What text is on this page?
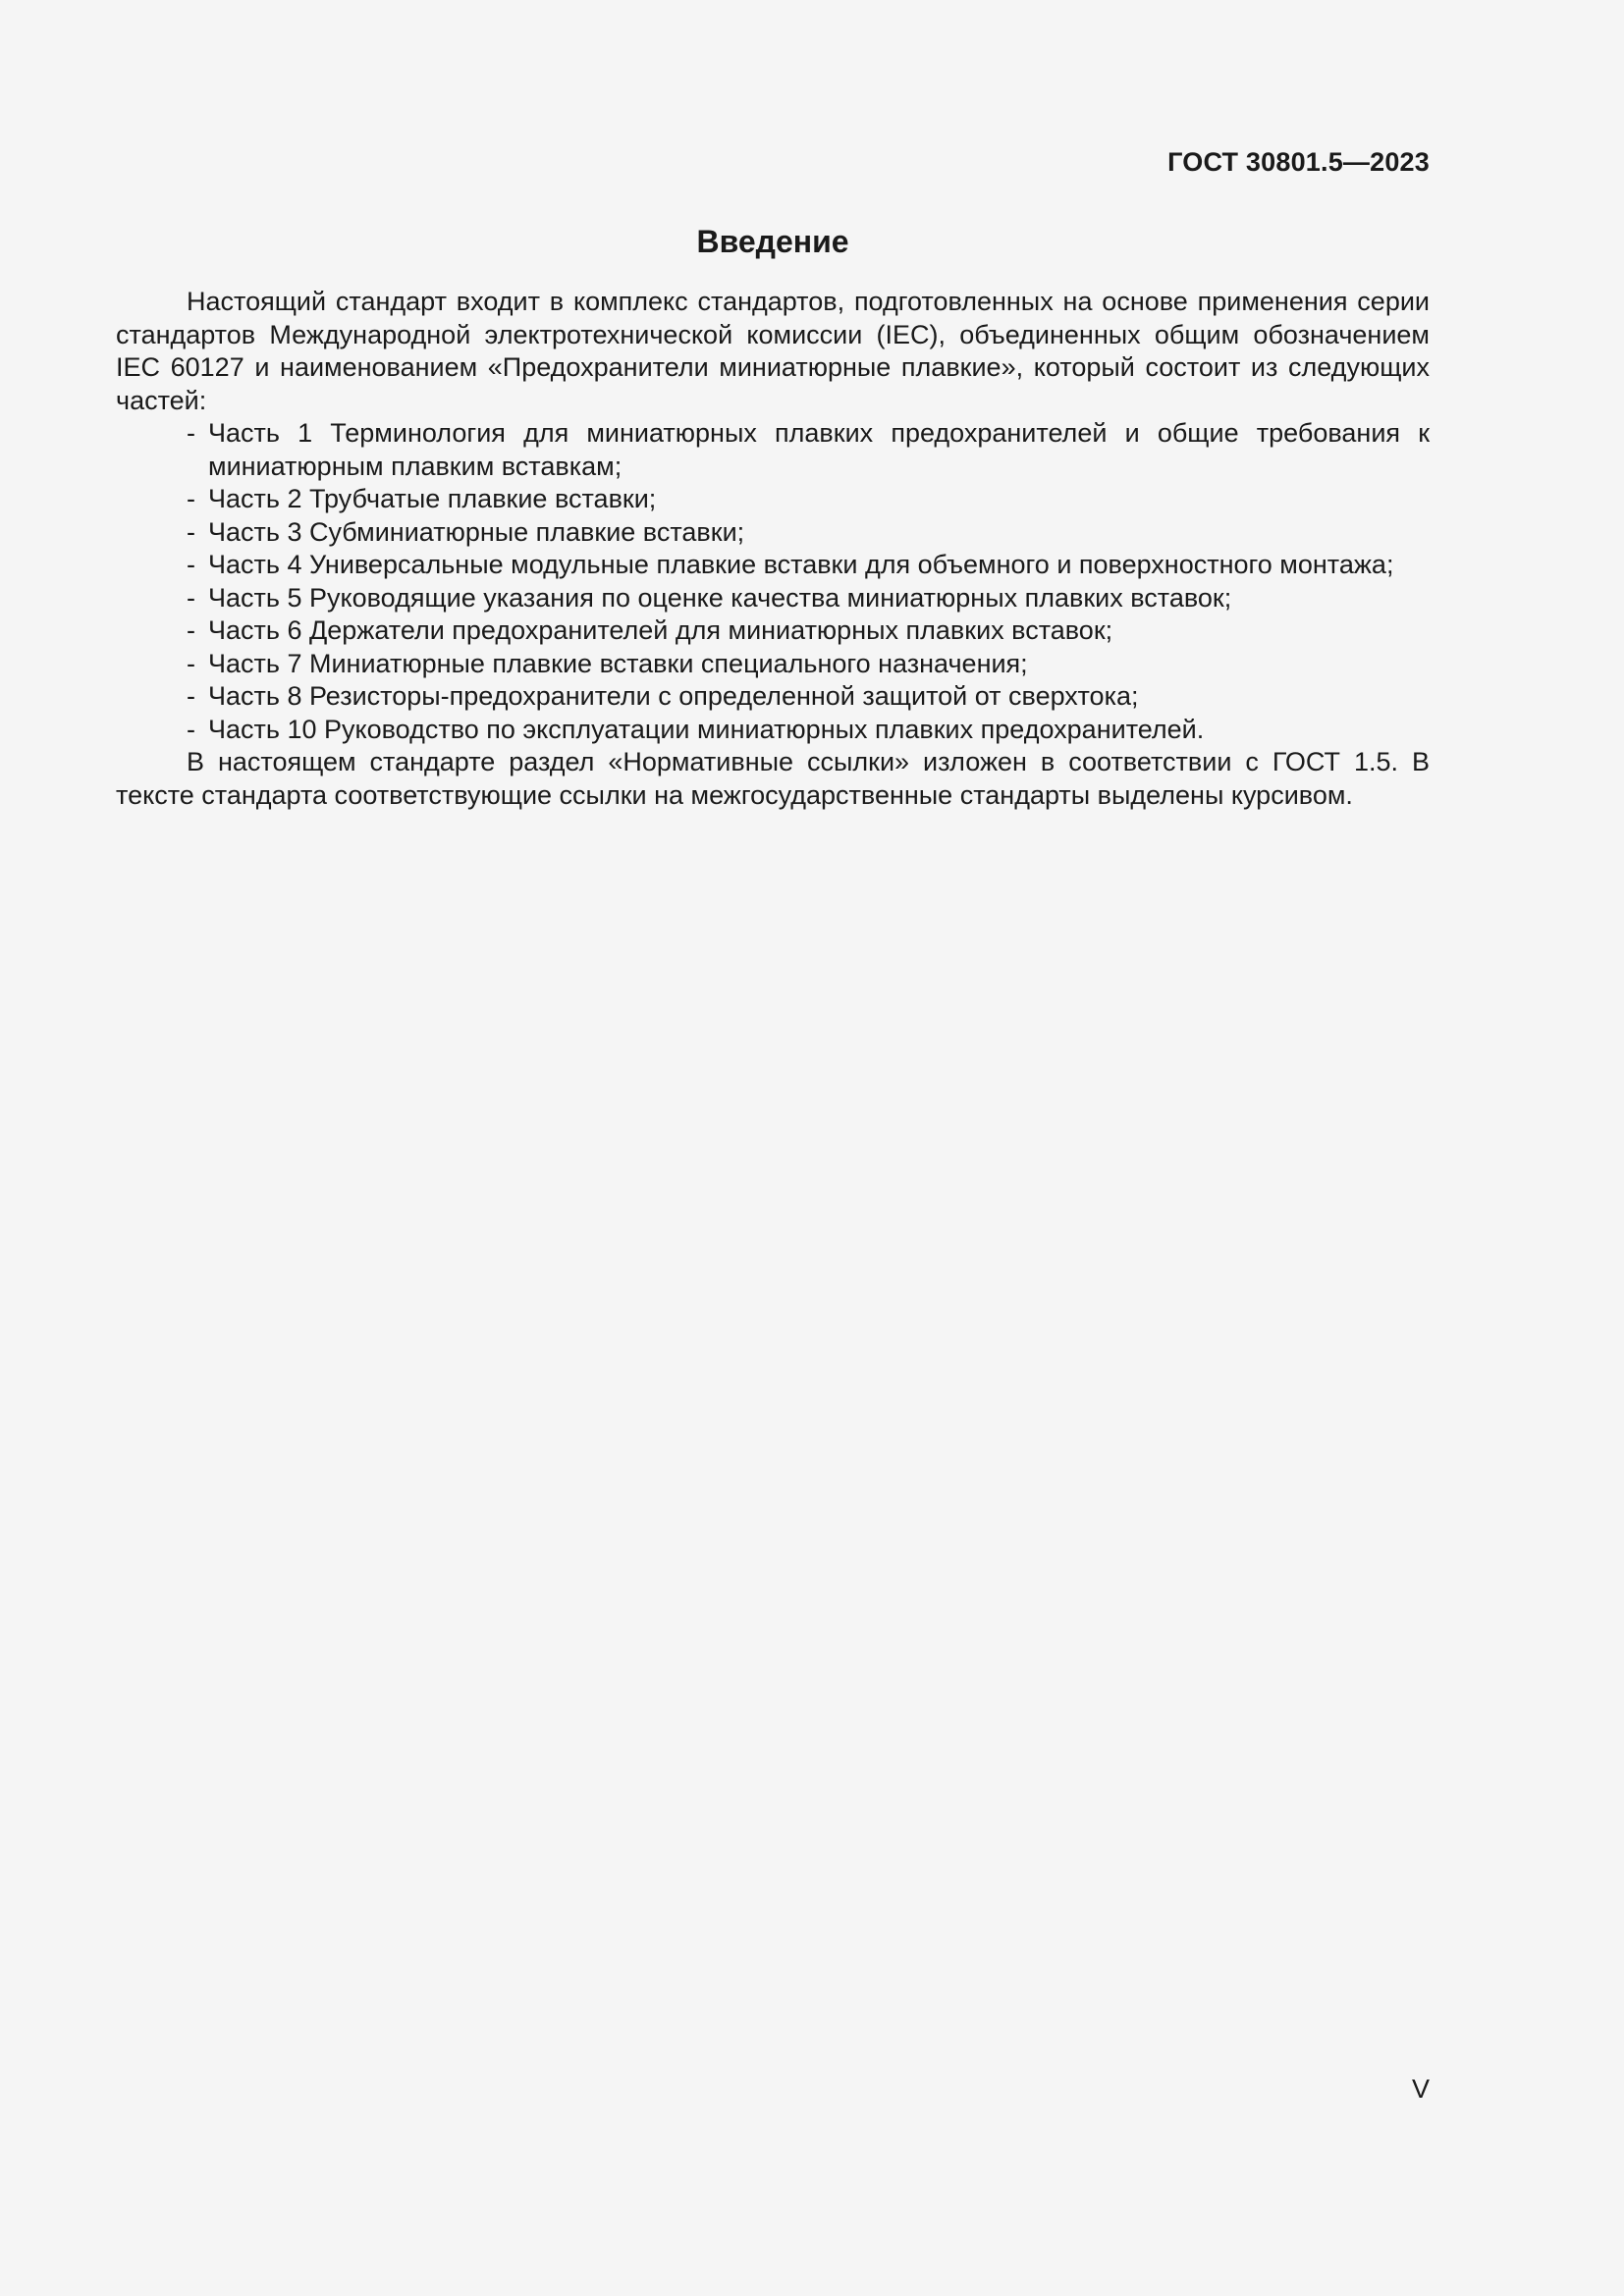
ГОСТ 30801.5—2023
Введение

Настоящий стандарт входит в комплекс стандартов, подготовленных на основе применения серии стандартов Международной электротехнической комиссии (IEC), объединенных общим обозначением IEC 60127 и наименованием «Предохранители миниатюрные плавкие», который состоит из следующих частей:

- Часть 1 Терминология для миниатюрных плавких предохранителей и общие требования к миниатюрным плавким вставкам;
- Часть 2 Трубчатые плавкие вставки;
- Часть 3 Субминиатюрные плавкие вставки;
- Часть 4 Универсальные модульные плавкие вставки для объемного и поверхностного монтажа;
- Часть 5 Руководящие указания по оценке качества миниатюрных плавких вставок;
- Часть 6 Держатели предохранителей для миниатюрных плавких вставок;
- Часть 7 Миниатюрные плавкие вставки специального назначения;
- Часть 8 Резисторы-предохранители с определенной защитой от сверхтока;
- Часть 10 Руководство по эксплуатации миниатюрных плавких предохранителей.

В настоящем стандарте раздел «Нормативные ссылки» изложен в соответствии с ГОСТ 1.5. В тексте стандарта соответствующие ссылки на межгосударственные стандарты выделены курсивом.

V
